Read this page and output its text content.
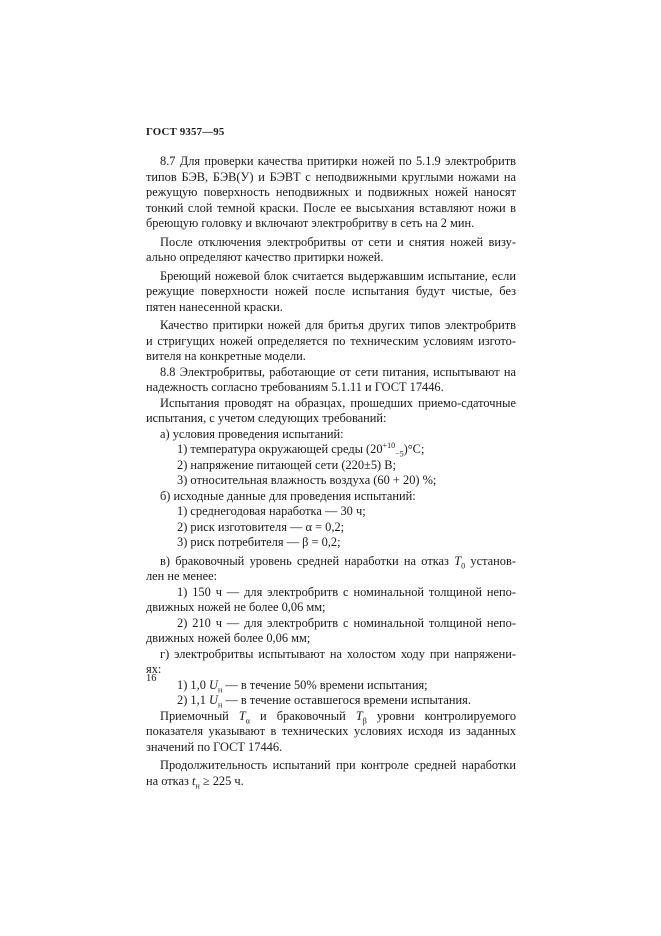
ГОСТ 9357—95
8.7 Для проверки качества притирки ножей по 5.1.9 электробритв
типов БЭВ, БЭВ(У) и БЭВТ с неподвижными круглыми ножами на
режущую поверхность неподвижных и подвижных ножей наносят
тонкий слой темной краски. После ее высыхания вставляют ножи в
бреющую головку и включают электробритву в сеть на 2 мин.
После отключения электробритвы от сети и снятия ножей визу-
ально определяют качество притирки ножей.
Бреющий ножевой блок считается выдержавшим испытание, если
режущие поверхности ножей после испытания будут чистые, без
пятен нанесенной краски.
Качество притирки ножей для бритья других типов электробритв
и стригущих ножей определяется по техническим условиям изгото-
вителя на конкретные модели.
8.8 Электробритвы, работающие от сети питания, испытывают на
надежность согласно требованиям 5.1.11 и ГОСТ 17446.
Испытания проводят на образцах, прошедших приемо-сдаточные
испытания, с учетом следующих требований:
а) условия проведения испытаний:
1) температура окружающей среды $(20^{+10}_{-5})^\circ С$;
2) напряжение питающей сети (220±5) В;
3) относительная влажность воздуха (60 + 20) %;
б) исходные данные для проведения испытаний:
1) среднегодовая наработка — 30 ч;
2) риск изготовителя — α = 0,2;
3) риск потребителя — β = 0,2;
в) браковочный уровень средней наработки на отказ $Т_0$ установ-
лен не менее:
1) 150 ч — для электробритв с номинальной толщиной непо-
движных ножей не более 0,06 мм;
2) 210 ч — для электробритв с номинальной толщиной непо-
движных ножей более 0,06 мм;
г) электробритвы испытывают на холостом ходу при напряжени-
ях:
1) 1,0 $U_н$ — в течение 50% времени испытания;
2) 1,1 $U_н$ — в течение оставшегося времени испытания.
Приемочный $Т_\alpha$ и браковочный $Т_\beta$ уровни контролируемого
показателя указывают в технических условиях исходя из заданных
значений по ГОСТ 17446.
Продолжительность испытаний при контроле средней наработки
на отказ $t_н \ge 225$ ч.
16
